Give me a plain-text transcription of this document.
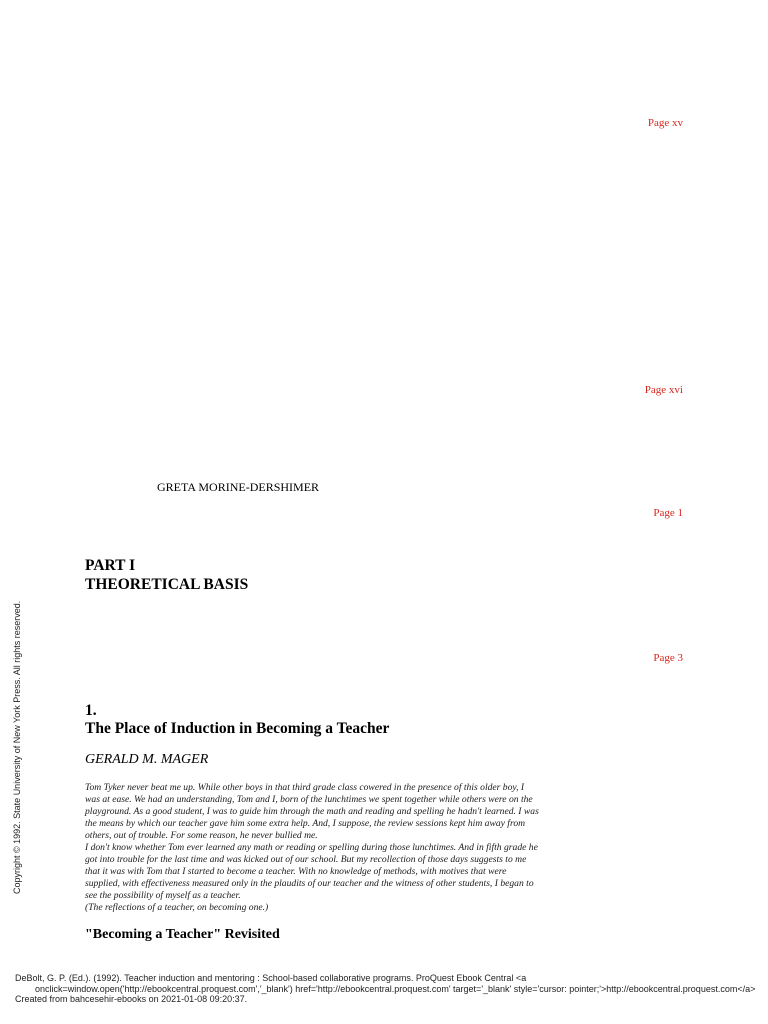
Page xv
Page xvi
GRETA MORINE-DERSHIMER
Page 1
PART I
THEORETICAL BASIS
Page 3
1.
The Place of Induction in Becoming a Teacher
GERALD M. MAGER

Tom Tyker never beat me up. While other boys in that third grade class cowered in the presence of this older boy, I was at ease. We had an understanding, Tom and I, born of the lunchtimes we spent together while others were on the playground. As a good student, I was to guide him through the math and reading and spelling he hadn't learned. I was the means by which our teacher gave him some extra help. And, I suppose, the review sessions kept him away from others, out of trouble. For some reason, he never bullied me.

I don't know whether Tom ever learned any math or reading or spelling during those lunchtimes. And in fifth grade he got into trouble for the last time and was kicked out of our school. But my recollection of those days suggests to me that it was with Tom that I started to become a teacher. With no knowledge of methods, with motives that were supplied, with effectiveness measured only in the plaudits of our teacher and the witness of other students, I began to see the possibility of myself as a teacher.

(The reflections of a teacher, on becoming one.)

"Becoming a Teacher" Revisited
Copyright © 1992. State University of New York Press. All rights reserved.
DeBolt, G. P. (Ed.). (1992). Teacher induction and mentoring : School-based collaborative programs. ProQuest Ebook Central <a
onclick=window.open('http://ebookcentral.proquest.com','_blank') href='http://ebookcentral.proquest.com' target='_blank' style='cursor: pointer;'>http://ebookcentral.proquest.com</a>
Created from bahcesehir-ebooks on 2021-01-08 09:20:37.
